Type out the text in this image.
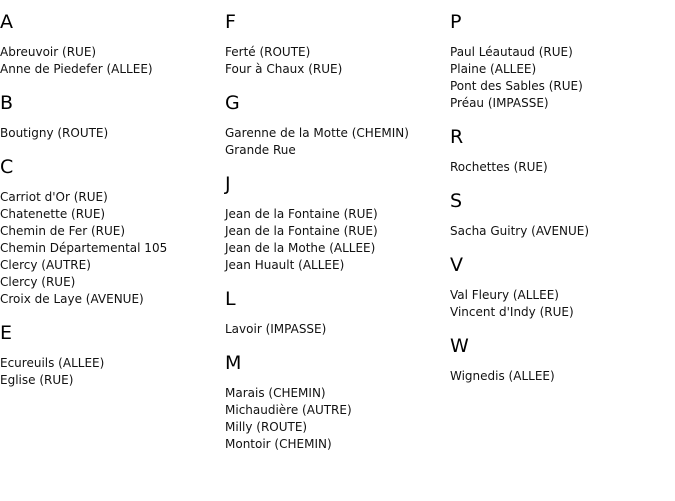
A
Abreuvoir (RUE)
Anne de Piedefer (ALLEE)
B
Boutigny (ROUTE)
C
Carriot d'Or (RUE)
Chatenette (RUE)
Chemin de Fer (RUE)
Chemin Départemental 105
Clercy (AUTRE)
Clercy (RUE)
Croix de Laye (AVENUE)
E
Ecureuils (ALLEE)
Eglise (RUE)
F
Ferté (ROUTE)
Four à Chaux (RUE)
G
Garenne de la Motte (CHEMIN)
Grande Rue
J
Jean de la Fontaine (RUE)
Jean de la Fontaine (RUE)
Jean de la Mothe (ALLEE)
Jean Huault (ALLEE)
L
Lavoir (IMPASSE)
M
Marais (CHEMIN)
Michaudière (AUTRE)
Milly (ROUTE)
Montoir (CHEMIN)
P
Paul Léautaud (RUE)
Plaine (ALLEE)
Pont des Sables (RUE)
Préau (IMPASSE)
R
Rochettes (RUE)
S
Sacha Guitry (AVENUE)
V
Val Fleury (ALLEE)
Vincent d'Indy (RUE)
W
Wignedis (ALLEE)
